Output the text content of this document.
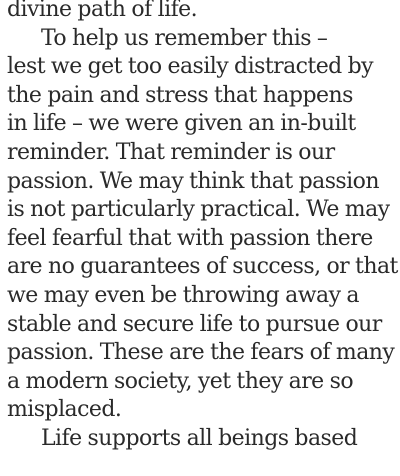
divine path of life.
To help us remember this –
lest we get too easily distracted by
the pain and stress that happens
in life – we were given an in-built
reminder. That reminder is our
passion. We may think that passion
is not particularly practical. We may
feel fearful that with passion there
are no guarantees of success, or that
we may even be throwing away a
stable and secure life to pursue our
passion. These are the fears of many
a modern society, yet they are so
misplaced.
Life supports all beings based
